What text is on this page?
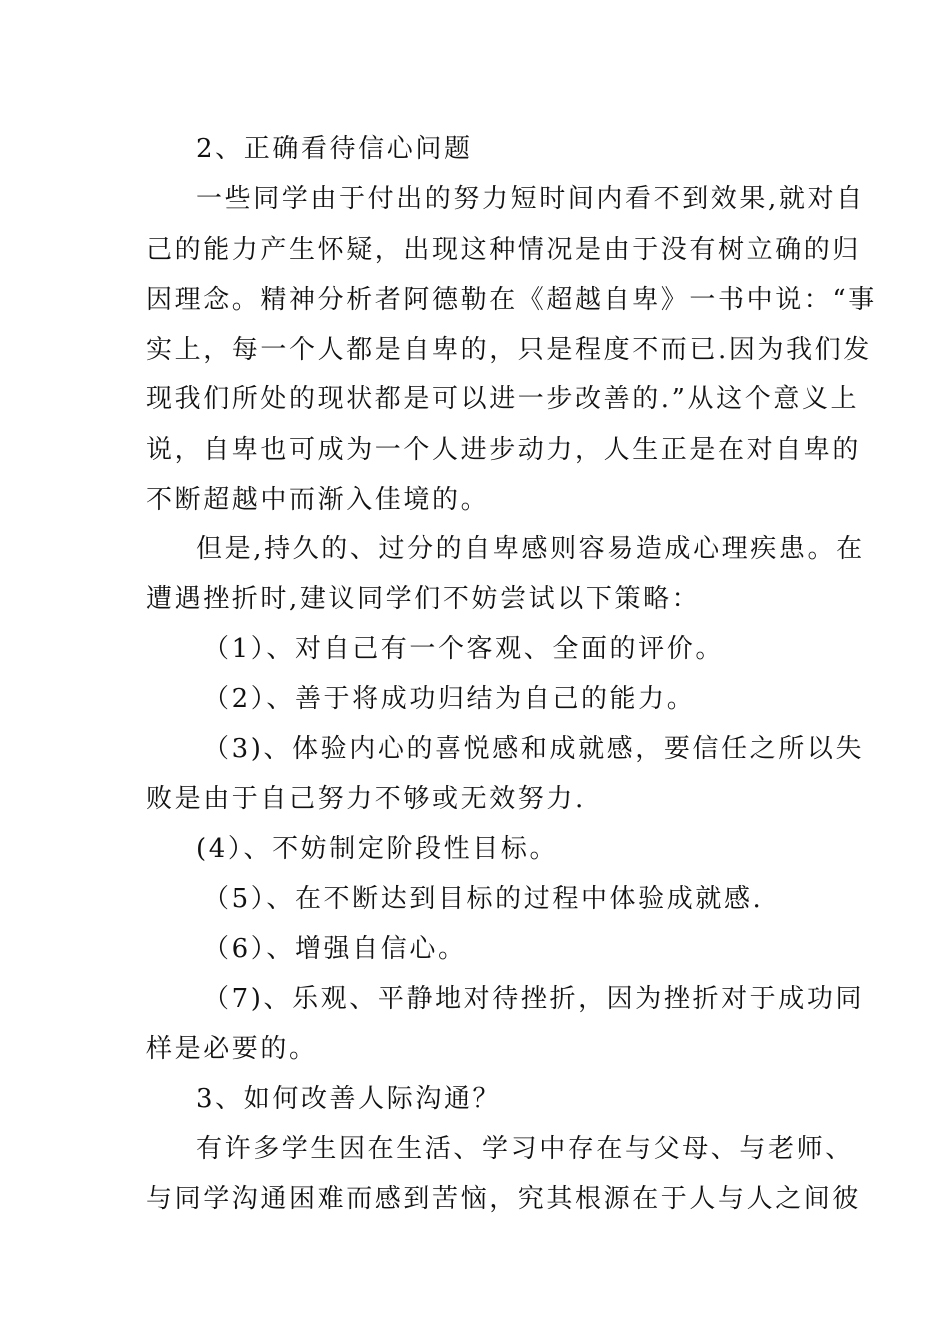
2、正确看待信心问题
一些同学由于付出的努力短时间内看不到效果,就对自
己的能力产生怀疑，出现这种情况是由于没有树立确的归
因理念。精神分析者阿德勒在《超越自卑》一书中说：“事
实上，每一个人都是自卑的，只是程度不而已.因为我们发
现我们所处的现状都是可以进一步改善的.”从这个意义上
说，自卑也可成为一个人进步动力，人生正是在对自卑的
不断超越中而渐入佳境的。
但是,持久的、过分的自卑感则容易造成心理疾患。在
遭遇挫折时,建议同学们不妨尝试以下策略：
（1）、对自己有一个客观、全面的评价。
（2）、善于将成功归结为自己的能力。
（3)、体验内心的喜悦感和成就感，要信任之所以失
败是由于自己努力不够或无效努力.
(4）、不妨制定阶段性目标。
（5）、在不断达到目标的过程中体验成就感.
（6）、增强自信心。
（7)、乐观、平静地对待挫折，因为挫折对于成功同
样是必要的。
3、如何改善人际沟通？
有许多学生因在生活、学习中存在与父母、与老师、
与同学沟通困难而感到苦恼，究其根源在于人与人之间彼
